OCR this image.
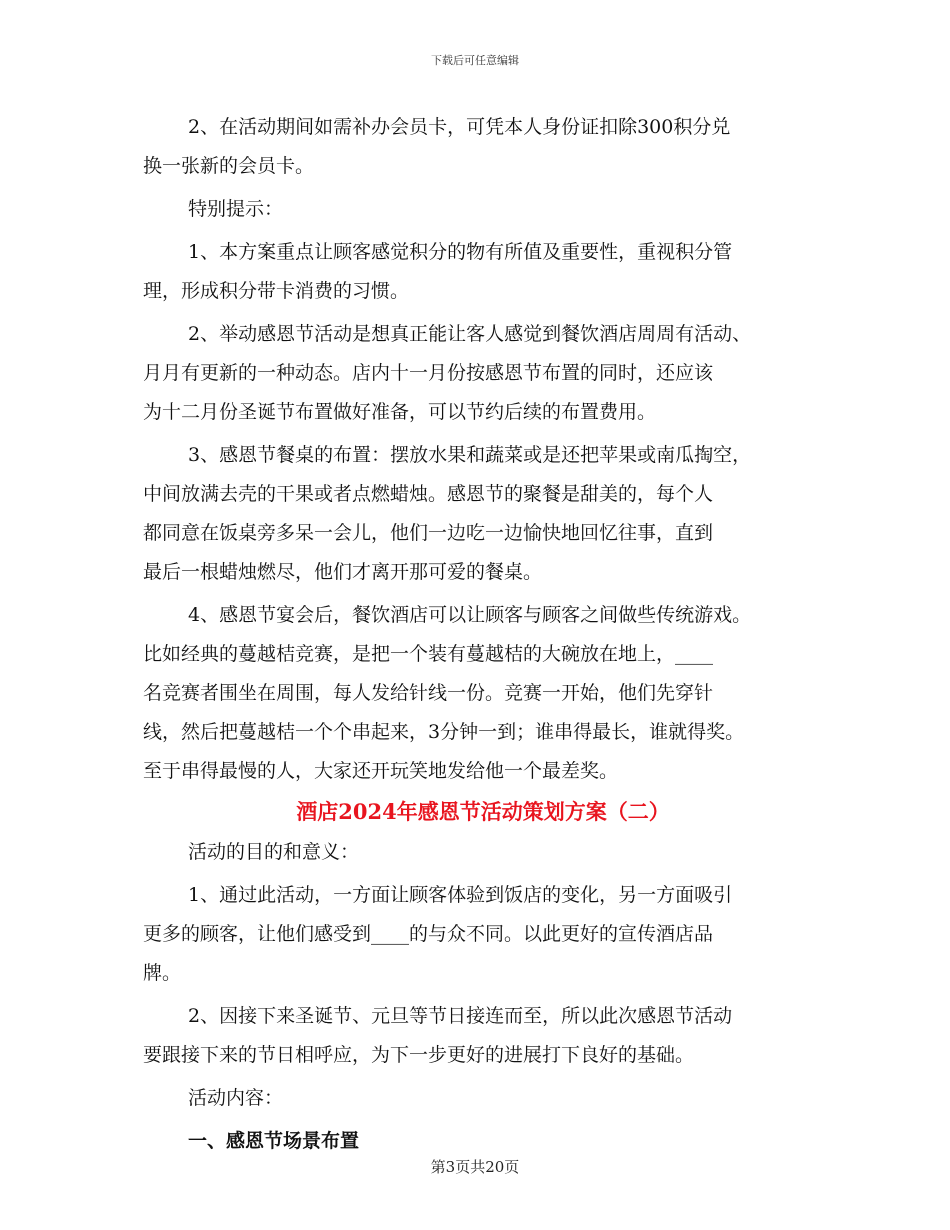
下载后可任意编辑
2、在活动期间如需补办会员卡，可凭本人身份证扣除300积分兑
换一张新的会员卡。
特别提示：
1、本方案重点让顾客感觉积分的物有所值及重要性，重视积分管
理，形成积分带卡消费的习惯。
2、举动感恩节活动是想真正能让客人感觉到餐饮酒店周周有活动、
月月有更新的一种动态。店内十一月份按感恩节布置的同时，还应该
为十二月份圣诞节布置做好准备，可以节约后续的布置费用。
3、感恩节餐桌的布置：摆放水果和蔬菜或是还把苹果或南瓜掏空，
中间放满去壳的干果或者点燃蜡烛。感恩节的聚餐是甜美的，每个人
都同意在饭桌旁多呆一会儿，他们一边吃一边愉快地回忆往事，直到
最后一根蜡烛燃尽，他们才离开那可爱的餐桌。
4、感恩节宴会后，餐饮酒店可以让顾客与顾客之间做些传统游戏。
比如经典的蔓越桔竞赛，是把一个装有蔓越桔的大碗放在地上，____
名竞赛者围坐在周围，每人发给针线一份。竞赛一开始，他们先穿针
线，然后把蔓越桔一个个串起来，3分钟一到；谁串得最长，谁就得奖。
至于串得最慢的人，大家还开玩笑地发给他一个最差奖。
酒店2024年感恩节活动策划方案（二）
活动的目的和意义：
1、通过此活动，一方面让顾客体验到饭店的变化，另一方面吸引
更多的顾客，让他们感受到____的与众不同。以此更好的宣传酒店品
牌。
2、因接下来圣诞节、元旦等节日接连而至，所以此次感恩节活动
要跟接下来的节日相呼应，为下一步更好的进展打下良好的基础。
活动内容：
一、感恩节场景布置
第3页共20页
